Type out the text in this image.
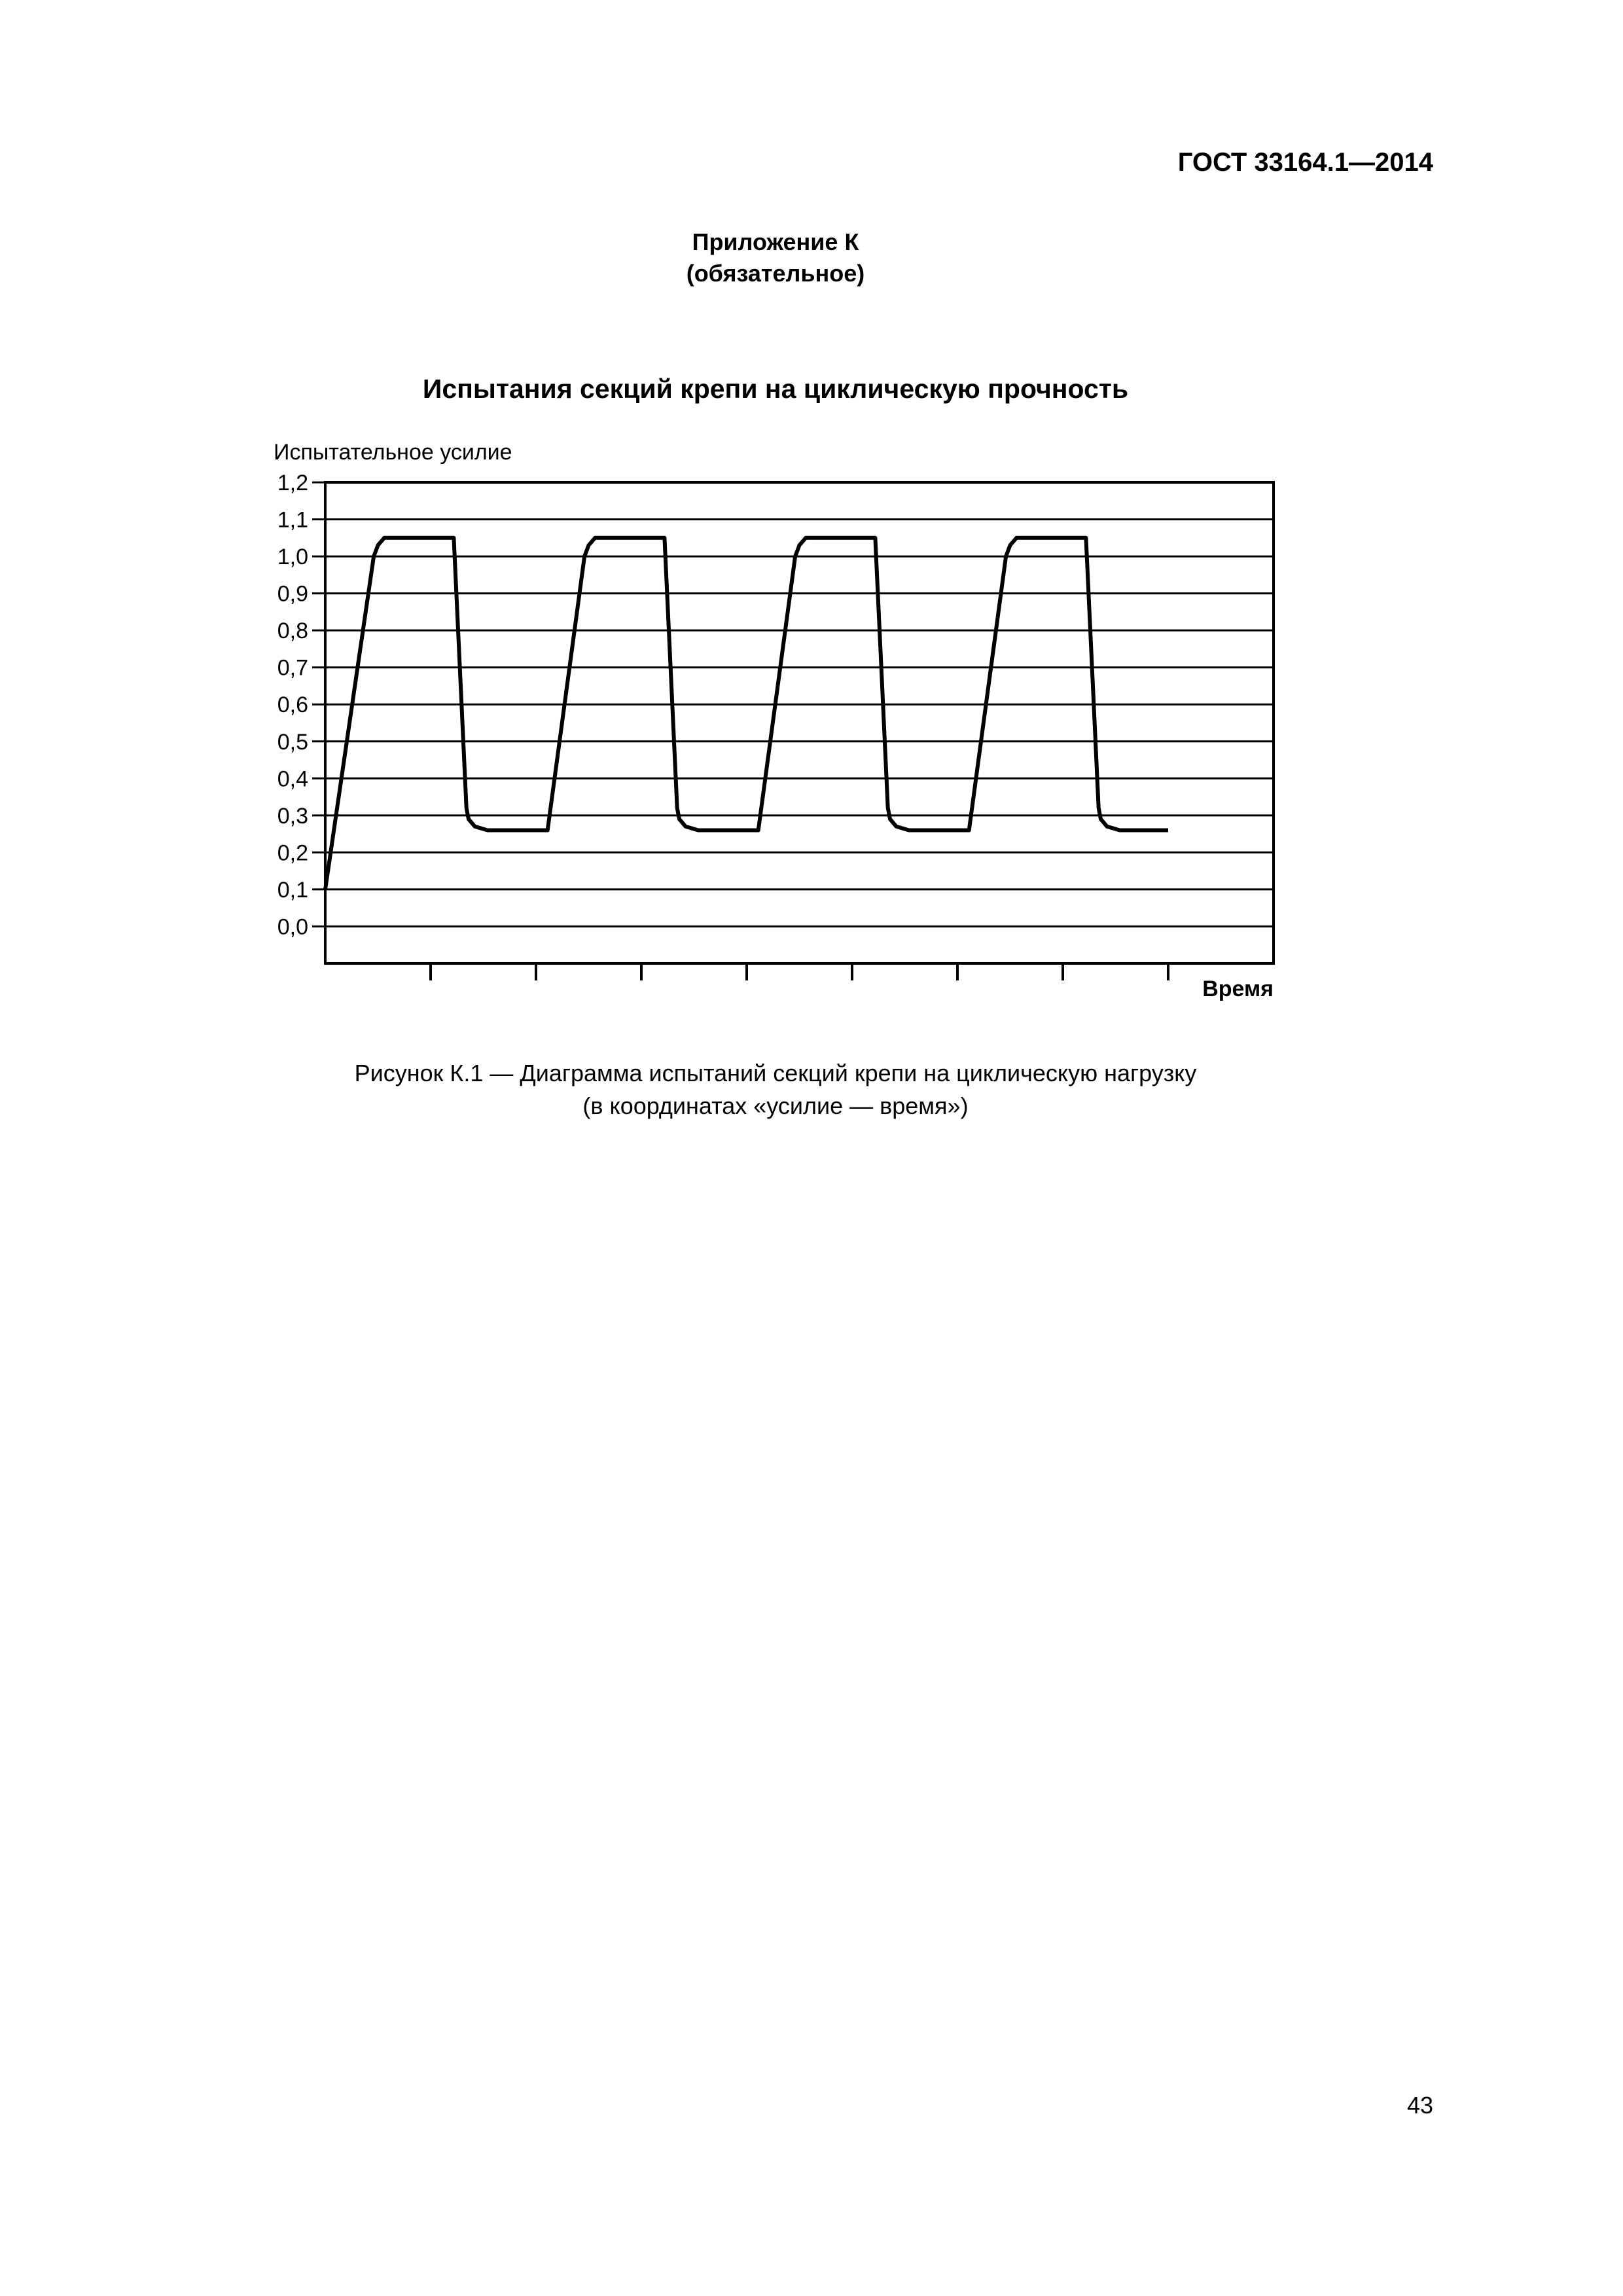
ГОСТ 33164.1—2014
Приложение К
(обязательное)
Испытания секций крепи на циклическую прочность
1,2
1,1
1,0
0,9
0,8
0,7
0,6
0,5
0,4
0,3
0,2
0,1
0,0
Испытательное усилие
Время
Рисунок К.1 — Диаграмма испытаний секций крепи на циклическую нагрузку
(в координатах «усилие — время»)
43
